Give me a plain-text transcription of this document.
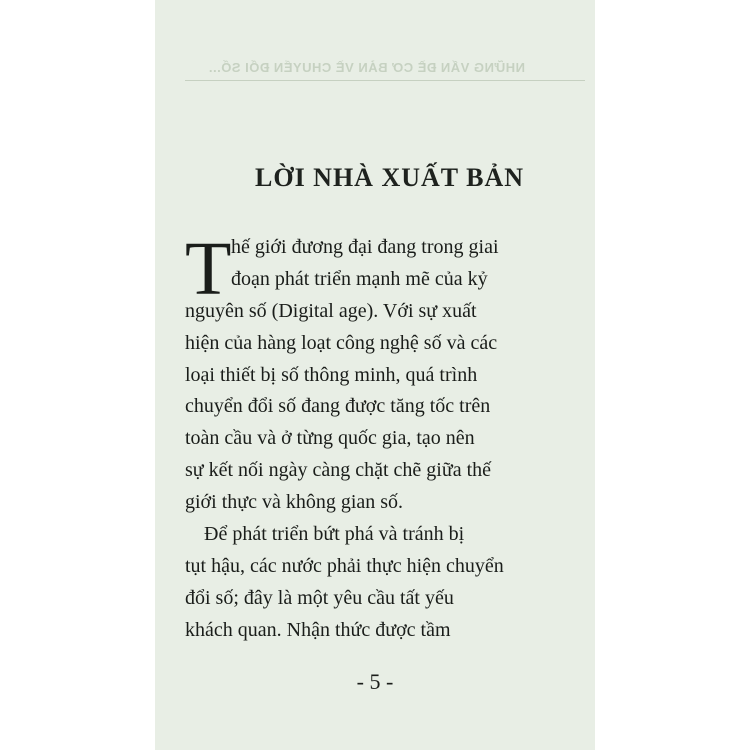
NHỮNG VẤN ĐỀ CƠ BẢN VỀ CHUYỂN ĐỔI SỐ...
LỜI NHÀ XUẤT BẢN
T hế giới đương đại đang trong giai
đoạn phát triển mạnh mẽ của kỷ
nguyên số (Digital age). Với sự xuất
hiện của hàng loạt công nghệ số và các
loại thiết bị số thông minh, quá trình
chuyển đổi số đang được tăng tốc trên
toàn cầu và ở từng quốc gia, tạo nên
sự kết nối ngày càng chặt chẽ giữa thế
giới thực và không gian số.
Để phát triển bứt phá và tránh bị
tụt hậu, các nước phải thực hiện chuyển
đổi số; đây là một yêu cầu tất yếu
khách quan. Nhận thức được tầm
- 5 -
